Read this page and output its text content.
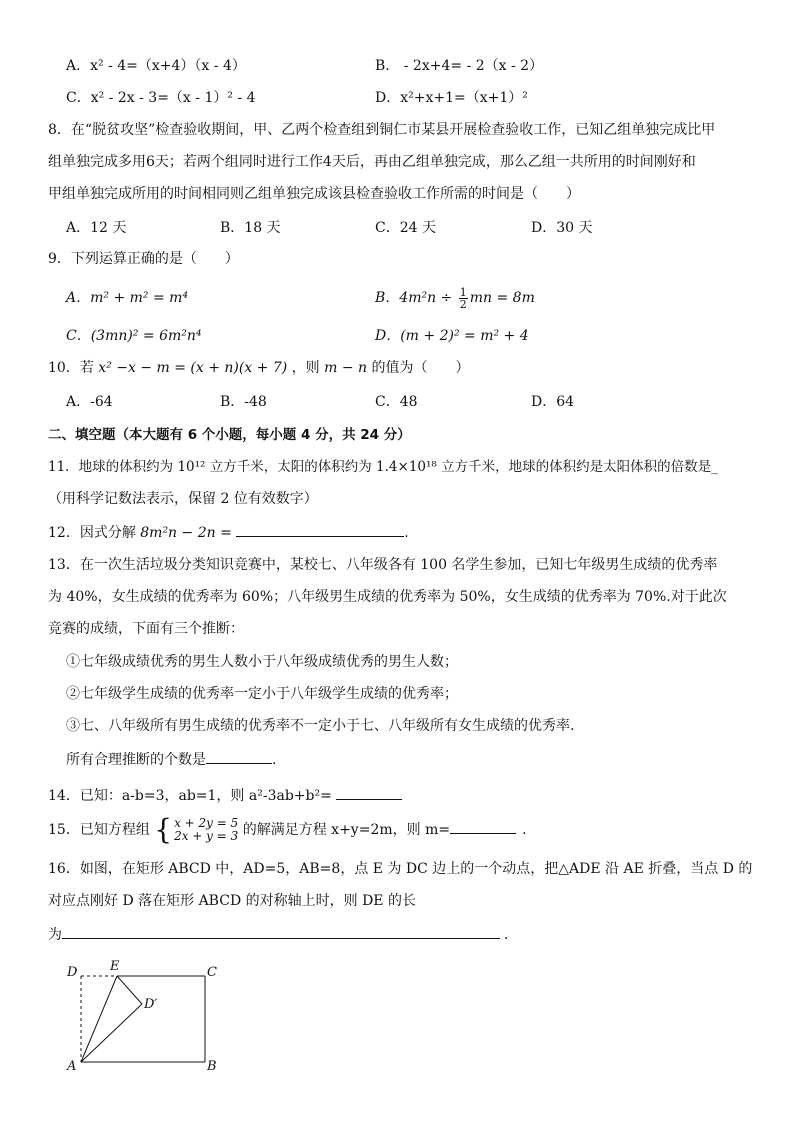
A．x² - 4=（x+4）（x - 4）	B． - 2x+4= - 2（x - 2）
C．x² - 2x - 3=（x - 1）² - 4	D．x²+x+1=（x+1）²
8．在“脱贫攻坚”检查验收期间，甲、乙两个检查组到铜仁市某县开展检查验收工作，已知乙组单独完成比甲
组单独完成多用6天；若两个组同时进行工作4天后，再由乙组单独完成，那么乙组一共所用的时间刚好和
甲组单独完成所用的时间相同则乙组单独完成该县检查验收工作所需的时间是（　　）
A．12 天	B．18 天	C．24 天	D．30 天
9．下列运算正确的是（　　）
A．m² + m² = m⁴	B．$4m^2n \div \frac{1}{2}$ mn = 8m
C．(3mn)² = 6m²n⁴	D．(m + 2)² = m² + 4
10．若 x² −x − m = (x + n)(x + 7) ，则 m − n 的值为（　　）
A．-64	B．-48	C．48	D．64
二、填空题（本大题有 6 个小题，每小题 4 分，共 24 分）
11．地球的体积约为 10¹² 立方千米，太阳的体积约为 1.4×10¹⁸ 立方千米，地球的体积约是太阳体积的倍数是_
（用科学记数法表示，保留 2 位有效数字）
12．因式分解 8m²n − 2n =	.
13．在一次生活垃圾分类知识竞赛中，某校七、八年级各有 100 名学生参加，已知七年级男生成绩的优秀率
为 40%，女生成绩的优秀率为 60%；八年级男生成绩的优秀率为 50%，女生成绩的优秀率为 70%.对于此次
竞赛的成绩，下面有三个推断：
①七年级成绩优秀的男生人数小于八年级成绩优秀的男生人数；
②七年级学生成绩的优秀率一定小于八年级学生成绩的优秀率；
③七、八年级所有男生成绩的优秀率不一定小于七、八年级所有女生成绩的优秀率.
所有合理推断的个数是	.
14．已知：a-b=3，ab=1，则 a²-3ab+b²=
15．已知方程组 { x + 2y = 5
2x + y = 3 的解满足方程 x+y=2m，则 m=	.
16．如图，在矩形 ABCD 中，AD=5，AB=8，点 E 为 DC 边上的一个动点，把△ADE 沿 AE 折叠，当点 D 的
对应点刚好 D 落在矩形 ABCD 的对称轴上时，则 DE 的长
为	．
D	E	C
D′
A	B
